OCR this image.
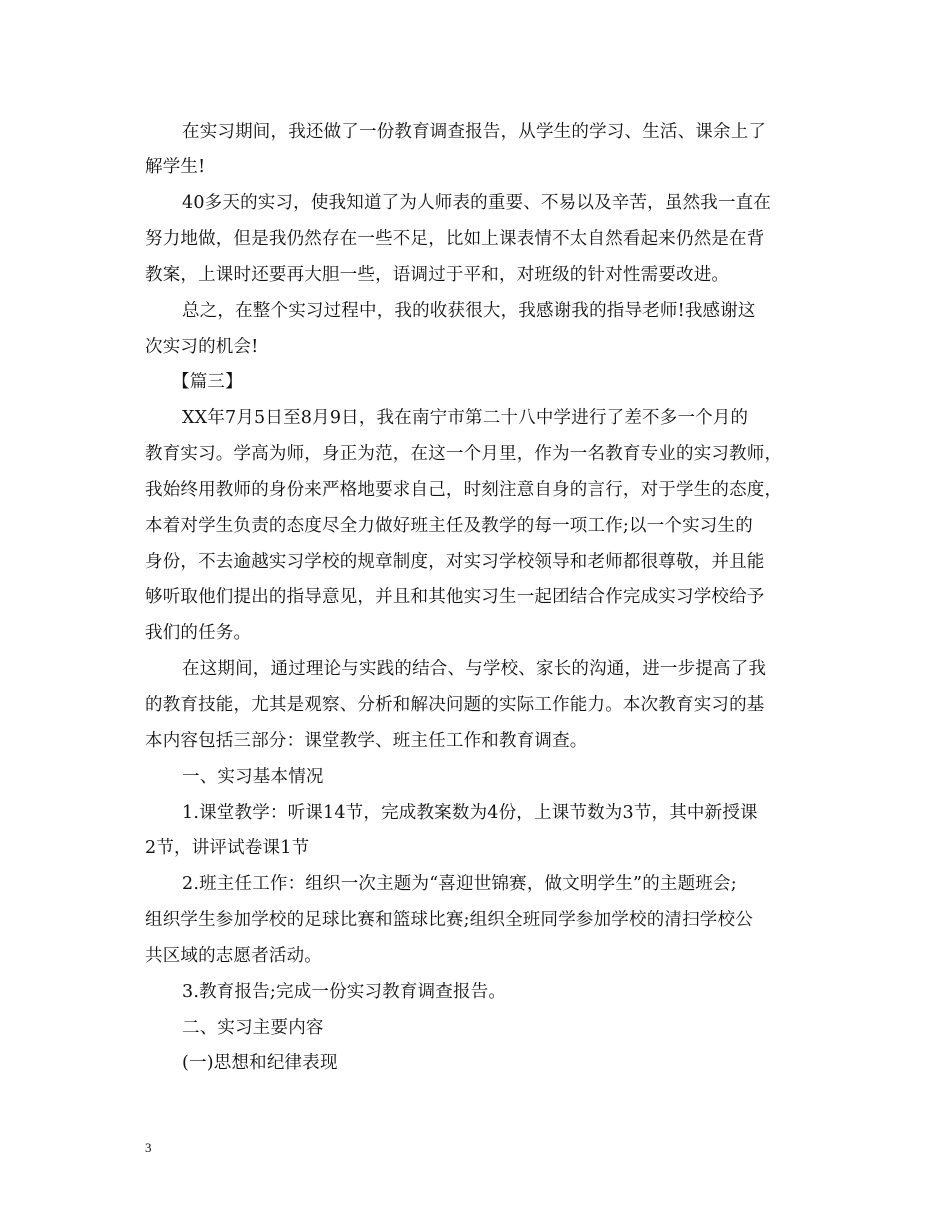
在实习期间，我还做了一份教育调查报告，从学生的学习、生活、课余上了
解学生!
40多天的实习，使我知道了为人师表的重要、不易以及辛苦，虽然我一直在
努力地做，但是我仍然存在一些不足，比如上课表情不太自然看起来仍然是在背
教案，上课时还要再大胆一些，语调过于平和，对班级的针对性需要改进。
总之，在整个实习过程中，我的收获很大，我感谢我的指导老师!我感谢这
次实习的机会!
【篇三】
XX年7月5日至8月9日，我在南宁市第二十八中学进行了差不多一个月的
教育实习。学高为师，身正为范，在这一个月里，作为一名教育专业的实习教师，
我始终用教师的身份来严格地要求自己，时刻注意自身的言行，对于学生的态度，
本着对学生负责的态度尽全力做好班主任及教学的每一项工作;以一个实习生的
身份，不去逾越实习学校的规章制度，对实习学校领导和老师都很尊敬，并且能
够听取他们提出的指导意见，并且和其他实习生一起团结合作完成实习学校给予
我们的任务。
在这期间，通过理论与实践的结合、与学校、家长的沟通，进一步提高了我
的教育技能，尤其是观察、分析和解决问题的实际工作能力。本次教育实习的基
本内容包括三部分：课堂教学、班主任工作和教育调查。
一、实习基本情况
1.课堂教学：听课14节，完成教案数为4份，上课节数为3节，其中新授课
2节，讲评试卷课1节
2.班主任工作：组织一次主题为“喜迎世锦赛，做文明学生”的主题班会;
组织学生参加学校的足球比赛和篮球比赛;组织全班同学参加学校的清扫学校公
共区域的志愿者活动。
3.教育报告;完成一份实习教育调查报告。
二、实习主要内容
(一)思想和纪律表现
3
